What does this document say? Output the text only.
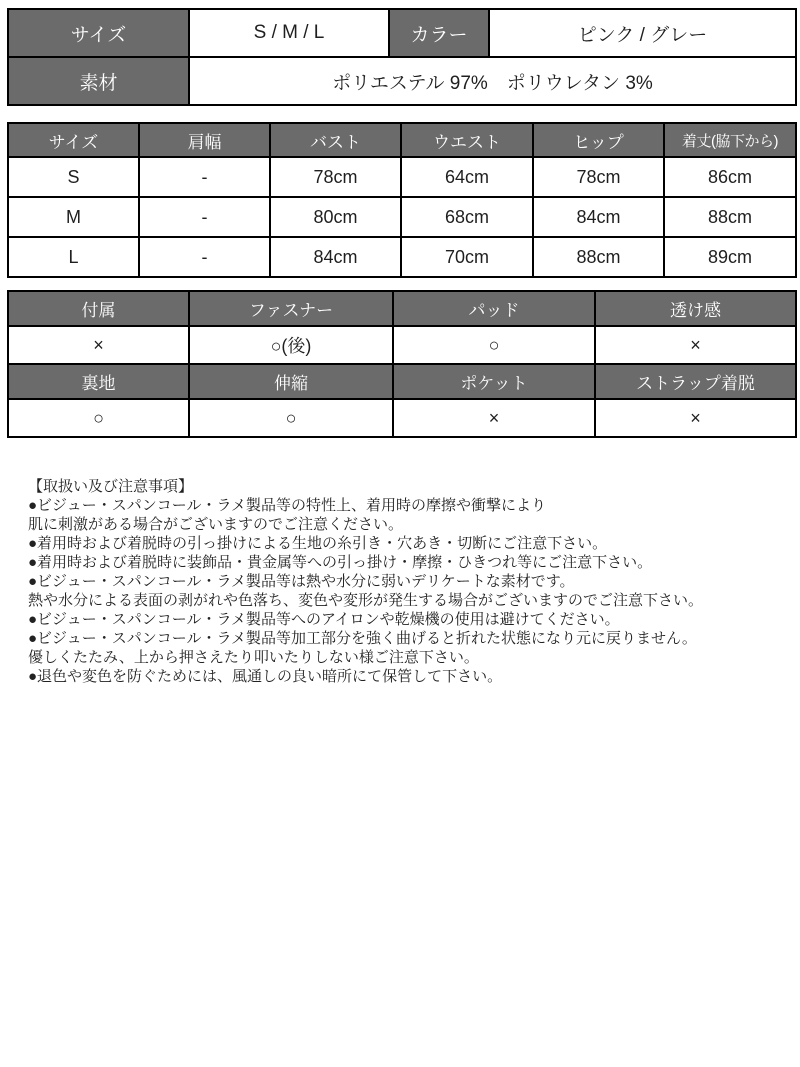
サイズ	S / M / L	カラー	ピンク / グレー
素材	ポリエステル 97%　ポリウレタン 3%		
サイズ	肩幅	バスト	ウエスト	ヒップ	着丈(脇下から)
S	-	78cm	64cm	78cm	86cm
M	-	80cm	68cm	84cm	88cm
L	-	84cm	70cm	88cm	89cm
付属	ファスナー	パッド	透け感
×	○(後)	○	×
裏地	伸縮	ポケット	ストラップ着脱
○	○	×	×
【取扱い及び注意事項】
●ビジュー・スパンコール・ラメ製品等の特性上、着用時の摩擦や衝撃により
肌に刺激がある場合がございますのでご注意ください。
●着用時および着脱時の引っ掛けによる生地の糸引き・穴あき・切断にご注意下さい。
●着用時および着脱時に装飾品・貴金属等への引っ掛け・摩擦・ひきつれ等にご注意下さい。
●ビジュー・スパンコール・ラメ製品等は熱や水分に弱いデリケートな素材です。
熱や水分による表面の剥がれや色落ち、変色や変形が発生する場合がございますのでご注意下さい。
●ビジュー・スパンコール・ラメ製品等へのアイロンや乾燥機の使用は避けてください。
●ビジュー・スパンコール・ラメ製品等加工部分を強く曲げると折れた状態になり元に戻りません。
優しくたたみ、上から押さえたり叩いたりしない様ご注意下さい。
●退色や変色を防ぐためには、風通しの良い暗所にて保管して下さい。
